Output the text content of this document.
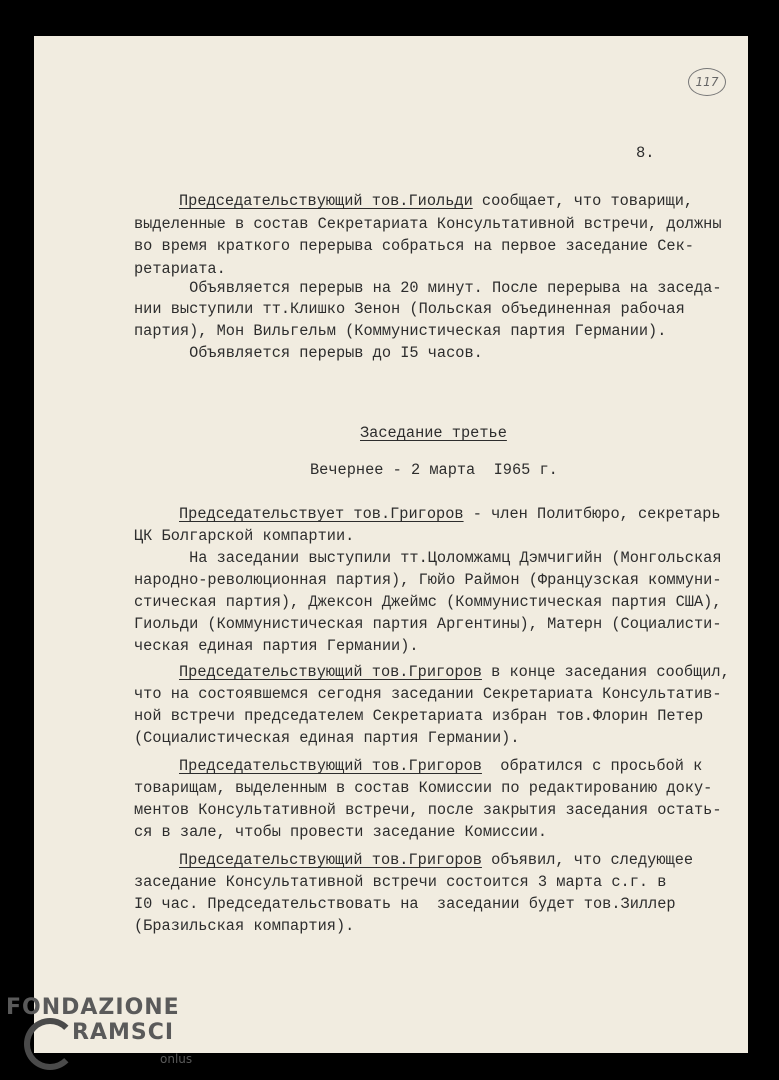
117
8.
Председательствующий тов.Гиольди сообщает, что товарищи,
выделенные в состав Секретариата Консультативной встречи, должны
во время краткого перерыва собраться на первое заседание Сек-
ретариата.
Объявляется перерыв на 20 минут. После перерыва на заседа-
нии выступили тт.Клишко Зенон (Польская объединенная рабочая
партия), Мон Вильгельм (Коммунистическая партия Германии).
Объявляется перерыв до I5 часов.
Заседание третье
Вечернее - 2 марта  I965 г.
Председательствует тов.Григоров - член Политбюро, секретарь
ЦК Болгарской компартии.
На заседании выступили тт.Цоломжамц Дэмчигийн (Монгольская
народно-революционная партия), Гюйо Раймон (Французская коммуни-
стическая партия), Джексон Джеймс (Коммунистическая партия США),
Гиольди (Коммунистическая партия Аргентины), Матерн (Социалисти-
ческая единая партия Германии).
Председательствующий тов.Григоров в конце заседания сообщил,
что на состоявшемся сегодня заседании Секретариата Консультатив-
ной встречи председателем Секретариата избран тов.Флорин Петер
(Социалистическая единая партия Германии).
Председательствующий тов.Григоров  обратился с просьбой к
товарищам, выделенным в состав Комиссии по редактированию доку-
ментов Консультативной встречи, после закрытия заседания остать-
ся в зале, чтобы провести заседание Комиссии.
Председательствующий тов.Григоров объявил, что следующее
заседание Консультативной встречи состоится 3 марта с.г. в
I0 час. Председательствовать на  заседании будет тов.Зиллер
(Бразильская компартия).
FONDAZIONE
RAMSCI
onlus
